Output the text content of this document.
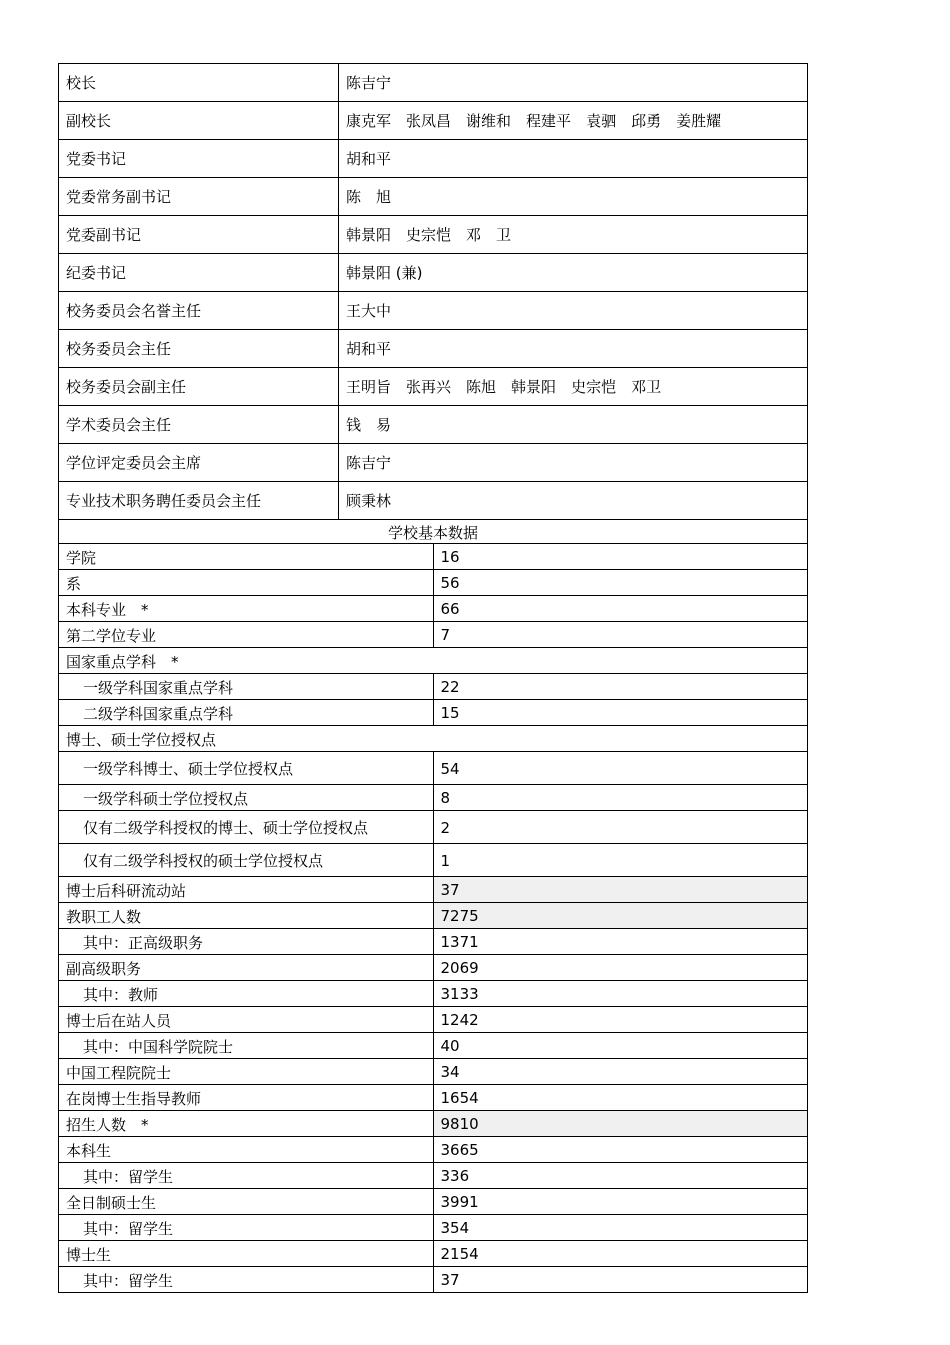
校长	陈吉宁
副校长	康克军 张凤昌 谢维和 程建平 袁驷 邱勇 姜胜耀
党委书记	胡和平
党委常务副书记	陈　旭
党委副书记	韩景阳 史宗恺 邓　卫
纪委书记	韩景阳 (兼)
校务委员会名誉主任	王大中
校务委员会主任	胡和平
校务委员会副主任	王明旨 张再兴 陈旭 韩景阳 史宗恺 邓卫
学术委员会主任	钱　易
学位评定委员会主席	陈吉宁
专业技术职务聘任委员会主任	顾秉林
学校基本数据	
学院	16
系	56
本科专业　*	66
第二学位专业	7
国家重点学科　*	
一级学科国家重点学科	22
二级学科国家重点学科	15
博士、硕士学位授权点	
一级学科博士、硕士学位授权点	54
一级学科硕士学位授权点	8
仅有二级学科授权的博士、硕士学位授权点	2
仅有二级学科授权的硕士学位授权点	1
博士后科研流动站	37
教职工人数	7275
其中：正高级职务	1371
副高级职务	2069
其中：教师	3133
博士后在站人员	1242
其中：中国科学院院士	40
中国工程院院士	34
在岗博士生指导教师	1654
招生人数　*	9810
本科生	3665
其中：留学生	336
全日制硕士生	3991
其中：留学生	354
博士生	2154
其中：留学生	37
